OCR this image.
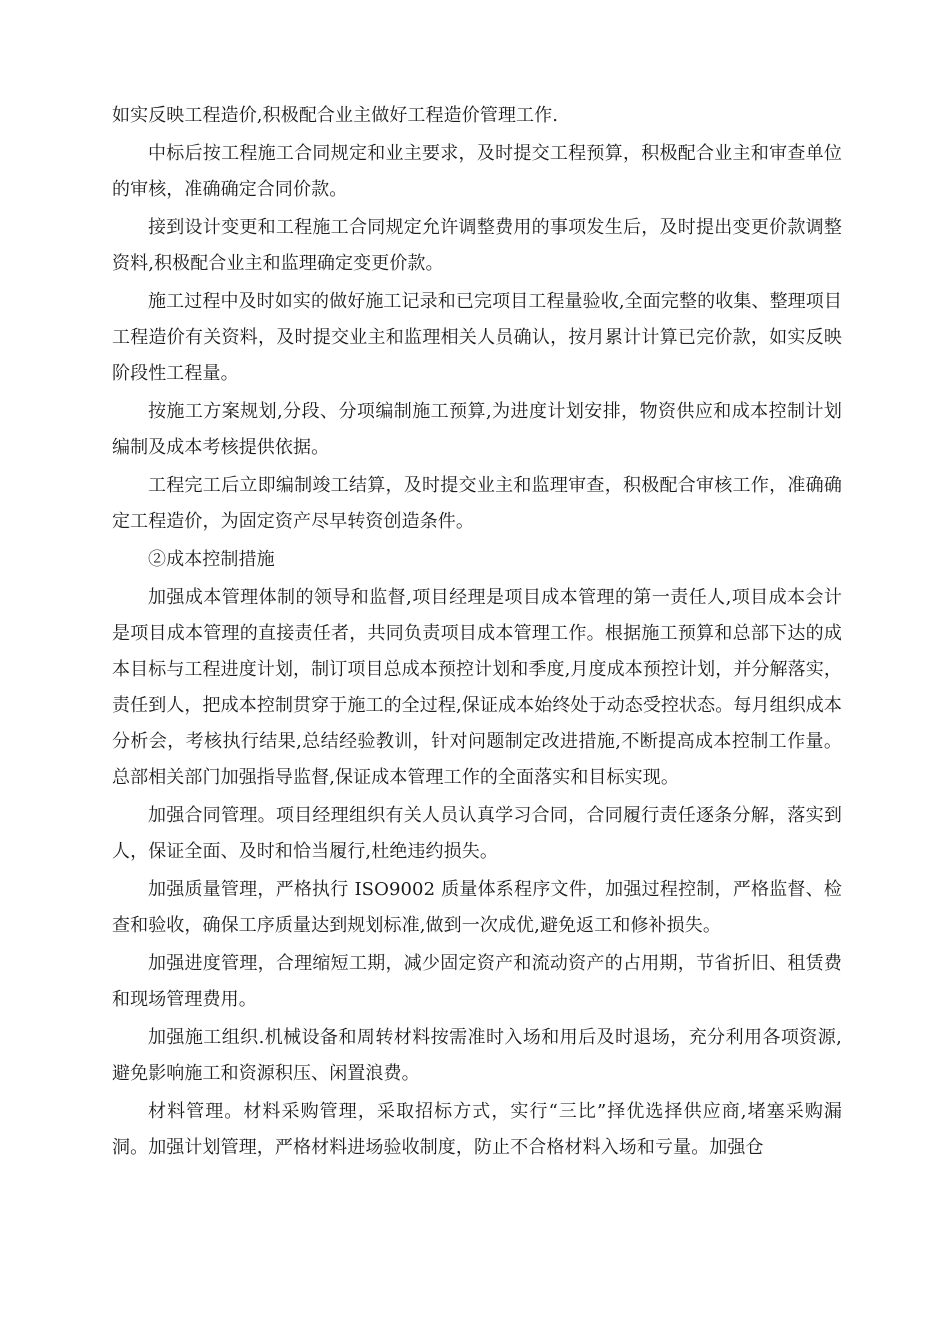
如实反映工程造价,积极配合业主做好工程造价管理工作.

中标后按工程施工合同规定和业主要求，及时提交工程预算，积极配合业主和审查单位的审核，准确确定合同价款。

接到设计变更和工程施工合同规定允许调整费用的事项发生后，及时提出变更价款调整资料,积极配合业主和监理确定变更价款。

施工过程中及时如实的做好施工记录和已完项目工程量验收,全面完整的收集、整理项目工程造价有关资料，及时提交业主和监理相关人员确认，按月累计计算已完价款，如实反映阶段性工程量。

按施工方案规划,分段、分项编制施工预算,为进度计划安排，物资供应和成本控制计划编制及成本考核提供依据。

工程完工后立即编制竣工结算，及时提交业主和监理审查，积极配合审核工作，准确确定工程造价，为固定资产尽早转资创造条件。

②成本控制措施

加强成本管理体制的领导和监督,项目经理是项目成本管理的第一责任人,项目成本会计是项目成本管理的直接责任者，共同负责项目成本管理工作。根据施工预算和总部下达的成本目标与工程进度计划，制订项目总成本预控计划和季度,月度成本预控计划，并分解落实，责任到人，把成本控制贯穿于施工的全过程,保证成本始终处于动态受控状态。每月组织成本分析会，考核执行结果,总结经验教训，针对问题制定改进措施,不断提高成本控制工作量。总部相关部门加强指导监督,保证成本管理工作的全面落实和目标实现。

加强合同管理。项目经理组织有关人员认真学习合同，合同履行责任逐条分解，落实到人，保证全面、及时和恰当履行,杜绝违约损失。

加强质量管理，严格执行 ISO9002 质量体系程序文件，加强过程控制，严格监督、检查和验收，确保工序质量达到规划标准,做到一次成优,避免返工和修补损失。

加强进度管理，合理缩短工期，减少固定资产和流动资产的占用期，节省折旧、租赁费和现场管理费用。

加强施工组织.机械设备和周转材料按需准时入场和用后及时退场，充分利用各项资源,避免影响施工和资源积压、闲置浪费。

材料管理。材料采购管理，采取招标方式，实行“三比”择优选择供应商,堵塞采购漏洞。加强计划管理，严格材料进场验收制度，防止不合格材料入场和亏量。加强仓
